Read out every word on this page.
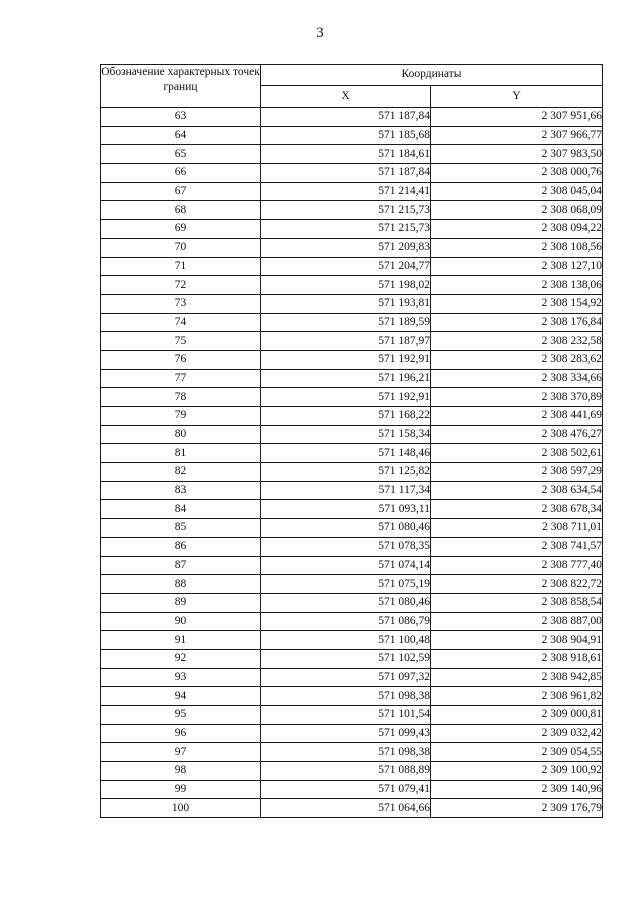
3
Обозначение характерных точек границ	Координаты	
	X	Y
63	571 187,84	2 307 951,66
64	571 185,68	2 307 966,77
65	571 184,61	2 307 983,50
66	571 187,84	2 308 000,76
67	571 214,41	2 308 045,04
68	571 215,73	2 308 068,09
69	571 215,73	2 308 094,22
70	571 209,83	2 308 108,56
71	571 204,77	2 308 127,10
72	571 198,02	2 308 138,06
73	571 193,81	2 308 154,92
74	571 189,59	2 308 176,84
75	571 187,97	2 308 232,58
76	571 192,91	2 308 283,62
77	571 196,21	2 308 334,66
78	571 192,91	2 308 370,89
79	571 168,22	2 308 441,69
80	571 158,34	2 308 476,27
81	571 148,46	2 308 502,61
82	571 125,82	2 308 597,29
83	571 117,34	2 308 634,54
84	571 093,11	2 308 678,34
85	571 080,46	2 308 711,01
86	571 078,35	2 308 741,57
87	571 074,14	2 308 777,40
88	571 075,19	2 308 822,72
89	571 080,46	2 308 858,54
90	571 086,79	2 308 887,00
91	571 100,48	2 308 904,91
92	571 102,59	2 308 918,61
93	571 097,32	2 308 942,85
94	571 098,38	2 308 961,82
95	571 101,54	2 309 000,81
96	571 099,43	2 309 032,42
97	571 098,38	2 309 054,55
98	571 088,89	2 309 100,92
99	571 079,41	2 309 140,96
100	571 064,66	2 309 176,79
